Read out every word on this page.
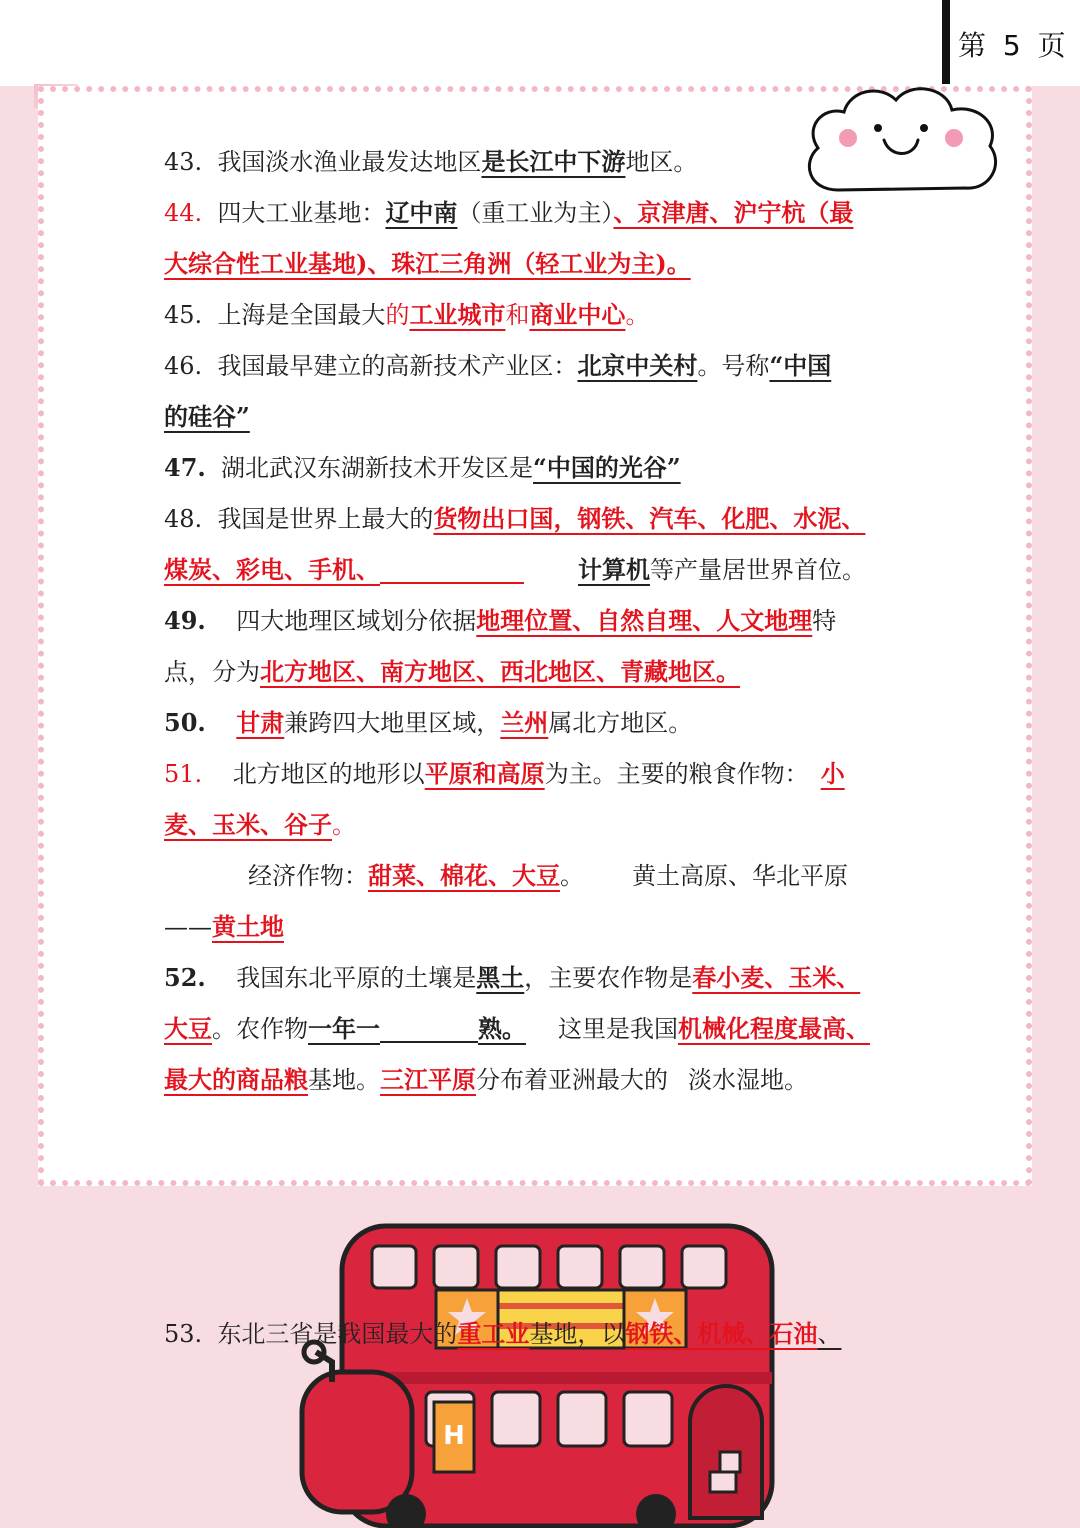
第 5 页
43. 我国淡水渔业最发达地区是长江中下游地区。
44. 四大工业基地：辽中南（重工业为主）、京津唐、沪宁杭（最
大综合性工业基地)、珠江三角洲（轻工业为主)。
45. 上海是全国最大的工业城市和商业中心。
46. 我国最早建立的高新技术产业区：北京中关村。号称“中国
的硅谷”
47. 湖北武汉东湖新技术开发区是“中国的光谷”
48. 我国是世界上最大的货物出口国，钢铁、汽车、化肥、水泥、
煤炭、彩电、手机、	计算机等产量居世界首位。
49. 四大地理区域划分依据地理位置、自然自理、人文地理特
点，分为北方地区、南方地区、西北地区、青藏地区。
50. 甘肃兼跨四大地里区域，兰州属北方地区。
51. 北方地区的地形以平原和高原为主。主要的粮食作物： 小
麦、玉米、谷子。
经济作物：甜菜、棉花、大豆。 黄土高原、华北平原
——黄土地
52. 我国东北平原的土壤是黑土，主要农作物是春小麦、玉米、
大豆。农作物一年一	熟。 这里是我国机械化程度最高、
最大的商品粮基地。三江平原分布着亚洲最大的 淡水湿地。
H
53. 东北三省是我国最大的重工业基地，以钢铁、机械、石油、
